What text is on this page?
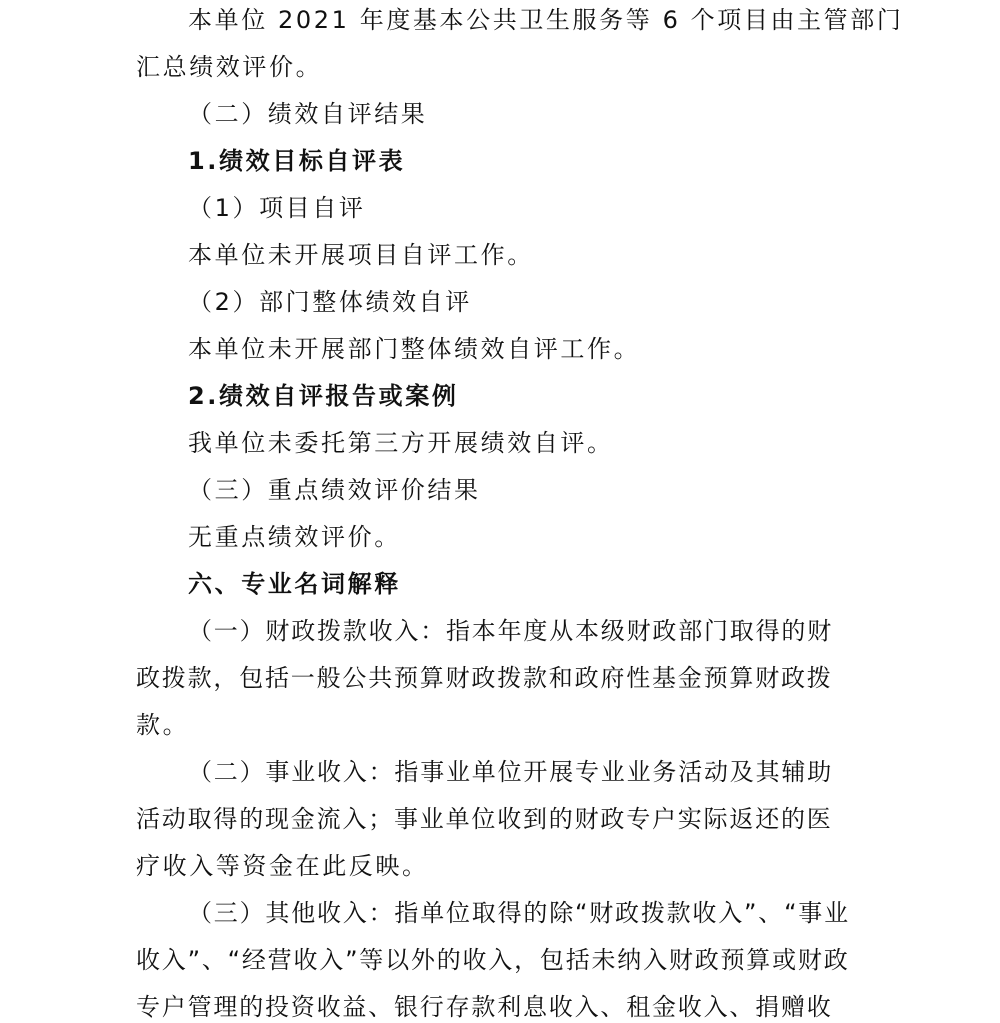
本单位 2021 年度基本公共卫生服务等 6 个项目由主管部门
汇总绩效评价。
（二）绩效自评结果
1.绩效目标自评表
（1）项目自评
本单位未开展项目自评工作。
（2）部门整体绩效自评
本单位未开展部门整体绩效自评工作。
2.绩效自评报告或案例
我单位未委托第三方开展绩效自评。
（三）重点绩效评价结果
无重点绩效评价。
六、专业名词解释
（一）财政拨款收入：指本年度从本级财政部门取得的财
政拨款，包括一般公共预算财政拨款和政府性基金预算财政拨
款。
（二）事业收入：指事业单位开展专业业务活动及其辅助
活动取得的现金流入；事业单位收到的财政专户实际返还的医
疗收入等资金在此反映。
（三）其他收入：指单位取得的除“财政拨款收入”、“事业
收入”、“经营收入”等以外的收入，包括未纳入财政预算或财政
专户管理的投资收益、银行存款利息收入、租金收入、捐赠收
